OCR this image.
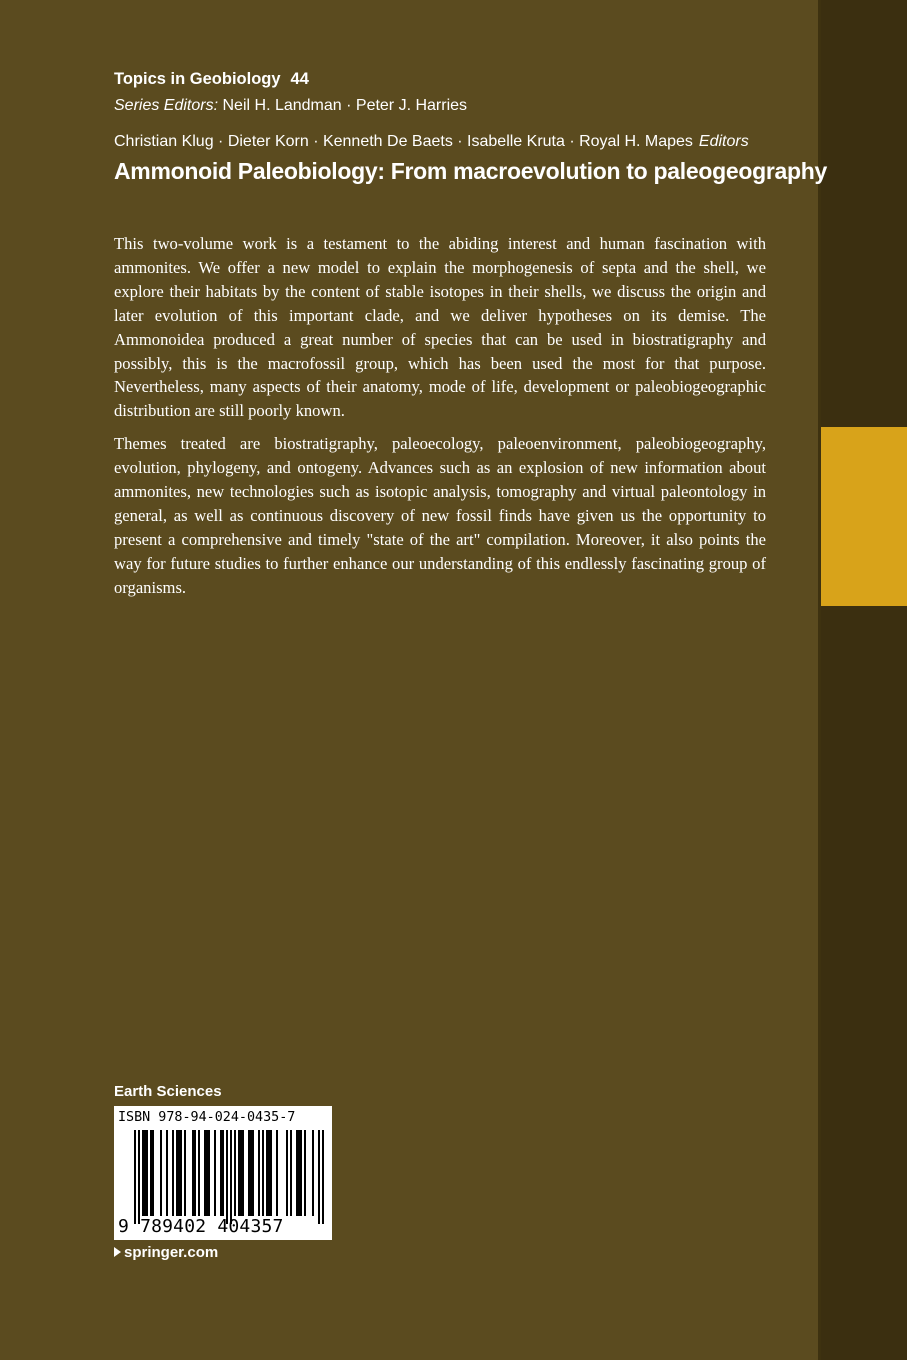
Topics in Geobiology 44
Series Editors: Neil H. Landman · Peter J. Harries
Christian Klug · Dieter Korn · Kenneth De Baets · Isabelle Kruta · Royal H. Mapes Editors
Ammonoid Paleobiology: From macroevolution to paleogeography

This two-volume work is a testament to the abiding interest and human fascination with ammonites. We offer a new model to explain the morphogenesis of septa and the shell, we explore their habitats by the content of stable isotopes in their shells, we discuss the origin and later evolution of this important clade, and we deliver hypotheses on its demise. The Ammonoidea produced a great number of species that can be used in biostratigraphy and possibly, this is the macrofossil group, which has been used the most for that purpose. Nevertheless, many aspects of their anatomy, mode of life, development or paleobiogeographic distribution are still poorly known.

Themes treated are biostratigraphy, paleoecology, paleoenvironment, paleobiogeography, evolution, phylogeny, and ontogeny. Advances such as an explosion of new information about ammonites, new technologies such as isotopic analysis, tomography and virtual paleontology in general, as well as continuous discovery of new fossil finds have given us the opportunity to present a comprehensive and timely "state of the art" compilation. Moreover, it also points the way for future studies to further enhance our understanding of this endlessly fascinating group of organisms.

Earth Sciences
ISBN 978-94-024-0435-7
9 789402 404357
springer.com
